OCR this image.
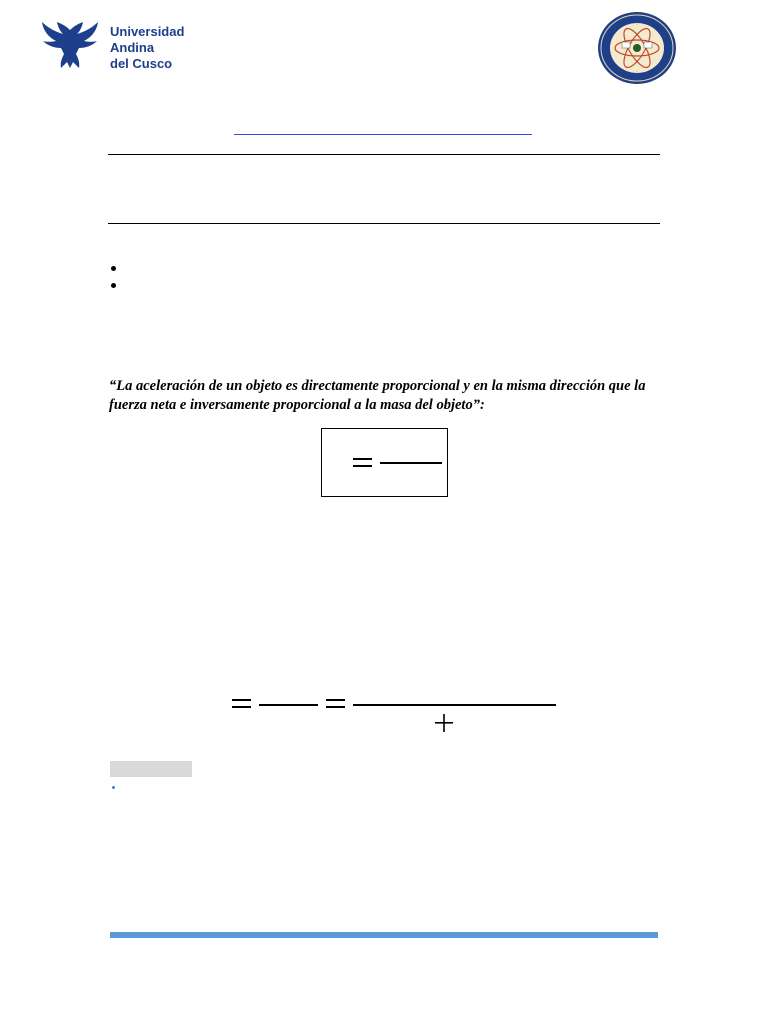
Universidad
Andina
del Cusco
“La aceleración de un objeto es directamente proporcional y en la misma dirección que la fuerza neta e inversamente proporcional a la masa del objeto”:
